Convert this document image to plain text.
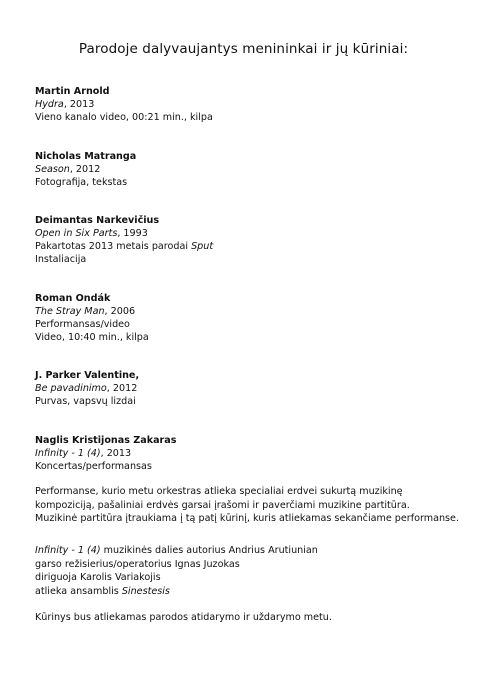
Parodoje dalyvaujantys menininkai ir jų kūriniai:
Martin Arnold
Hydra, 2013
Vieno kanalo video, 00:21 min., kilpa
Nicholas Matranga
Season, 2012
Fotografija, tekstas
Deimantas Narkevičius
Open in Six Parts, 1993
Pakartotas 2013 metais parodai Sput
Instaliacija
Roman Ondák
The Stray Man, 2006
Performansas/video
Video, 10:40 min., kilpa
J. Parker Valentine,
Be pavadinimo, 2012
Purvas, vapsvų lizdai
Naglis Kristijonas Zakaras
Infinity - 1 (4), 2013
Koncertas/performansas
Performanse, kurio metu orkestras atlieka specialiai erdvei sukurtą muzikinę
kompoziciją, pašaliniai erdvės garsai įrašomi ir paverčiami muzikine partitūra.
Muzikinė partitūra įtraukiama į tą patį kūrinį, kuris atliekamas sekančiame performanse.
Infinity - 1 (4) muzikinės dalies autorius Andrius Arutiunian
garso režisierius/operatorius Ignas Juzokas
diriguoja Karolis Variakojis
atlieka ansamblis Sinestesis
Kūrinys bus atliekamas parodos atidarymo ir uždarymo metu.
